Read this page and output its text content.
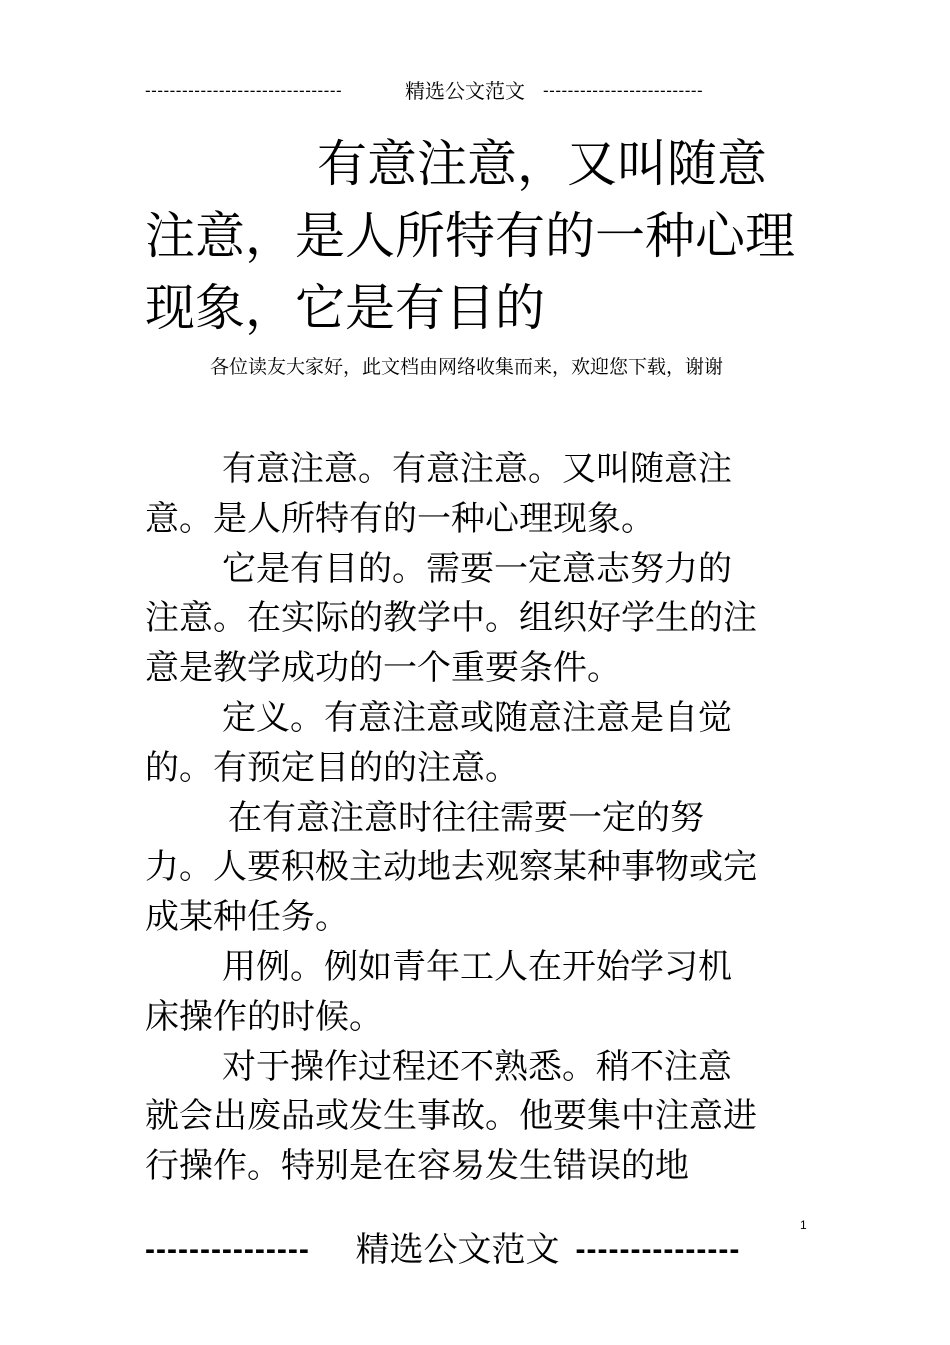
--------------------------------	精选公文范文 --------------------------
有意注意，又叫随意注意，是人所特有的一种心理现象，它是有目的
各位读友大家好，此文档由网络收集而来，欢迎您下载，谢谢

有意注意。有意注意。又叫随意注意。是人所特有的一种心理现象。

它是有目的。需要一定意志努力的注意。在实际的教学中。组织好学生的注意是教学成功的一个重要条件。

定义。有意注意或随意注意是自觉的。有预定目的的注意。

在有意注意时往往需要一定的努力。人要积极主动地去观察某种事物或完成某种任务。

用例。例如青年工人在开始学习机床操作的时候。

对于操作过程还不熟悉。稍不注意就会出废品或发生事故。他要集中注意进行操作。特别是在容易发生错误的地

1
---------------	精选公文范文 ---------------
